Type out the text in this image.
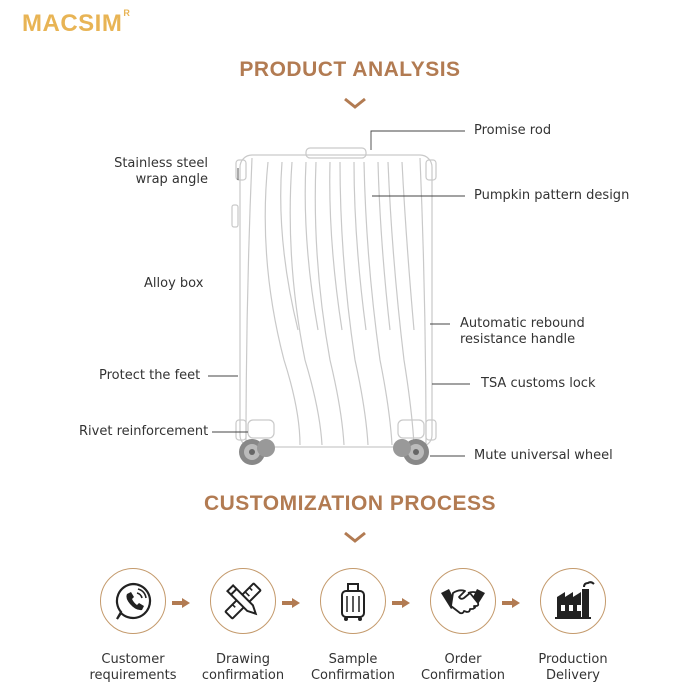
$MACSIM^R$
PRODUCT ANALYSIS
Stainless steel wrap angle
Alloy box
Protect the feet
Rivet reinforcement
Promise rod
Pumpkin pattern design
Automatic rebound resistance handle
TSA customs lock
Mute universal wheel
CUSTOMIZATION PROCESS
Customer requirements
Drawing confirmation
Sample Confirmation
Order Confirmation
Production Delivery
